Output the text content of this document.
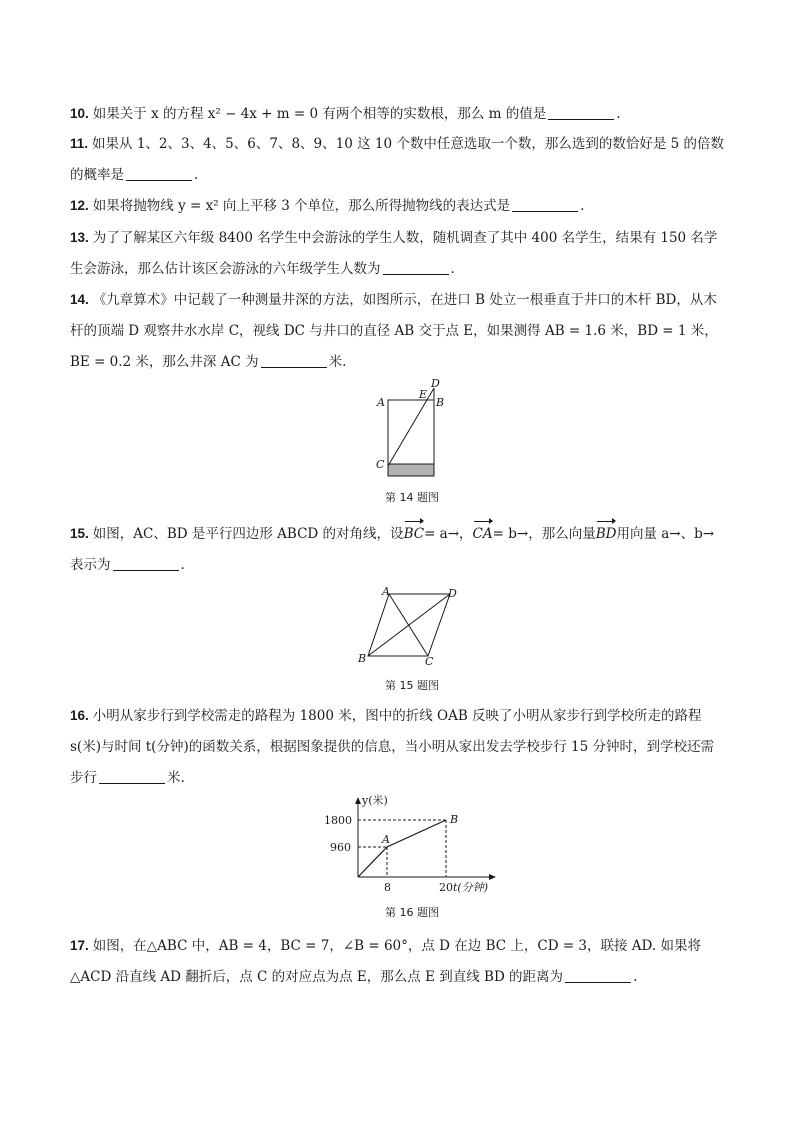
10. 如果关于 x 的方程 x² − 4x + m = 0 有两个相等的实数根，那么 m 的值是	.
11. 如果从 1、2、3、4、5、6、7、8、9、10 这 10 个数中任意选取一个数，那么选到的数恰好是 5 的倍数的概率是	.
12. 如果将抛物线 y = x² 向上平移 3 个单位，那么所得抛物线的表达式是	.
13. 为了了解某区六年级 8400 名学生中会游泳的学生人数，随机调查了其中 400 名学生，结果有 150 名学生会游泳，那么估计该区会游泳的六年级学生人数为	.
14. 《九章算术》中记载了一种测量井深的方法，如图所示，在进口 B 处立一根垂直于井口的木杆 BD，从木杆的顶端 D 观察井水水岸 C，视线 DC 与井口的直径 AB 交于点 E，如果测得 AB = 1.6 米，BD = 1 米，BE = 0.2 米，那么井深 AC 为	米.
A	B
C
D
E
第 14 题图
15. 如图，AC、BD 是平行四边形 ABCD 的对角线，设BC= a→，CA= b→，那么向量BD用向量 a→、b→表示为	.
A
B	C
D
第 15 题图
16. 小明从家步行到学校需走的路程为 1800 米，图中的折线 OAB 反映了小明从家步行到学校所走的路程 s(米)与时间 t(分钟)的函数关系，根据图象提供的信息，当小明从家出发去学校步行 15 分钟时，到学校还需步行	米.
y(米)
1800
960
8	20 t(分钟)
A
B
第 16 题图
17. 如图，在△ABC 中，AB = 4，BC = 7，∠B = 60°，点 D 在边 BC 上，CD = 3，联接 AD. 如果将△ACD 沿直线 AD 翻折后，点 C 的对应点为点 E，那么点 E 到直线 BD 的距离为	.
